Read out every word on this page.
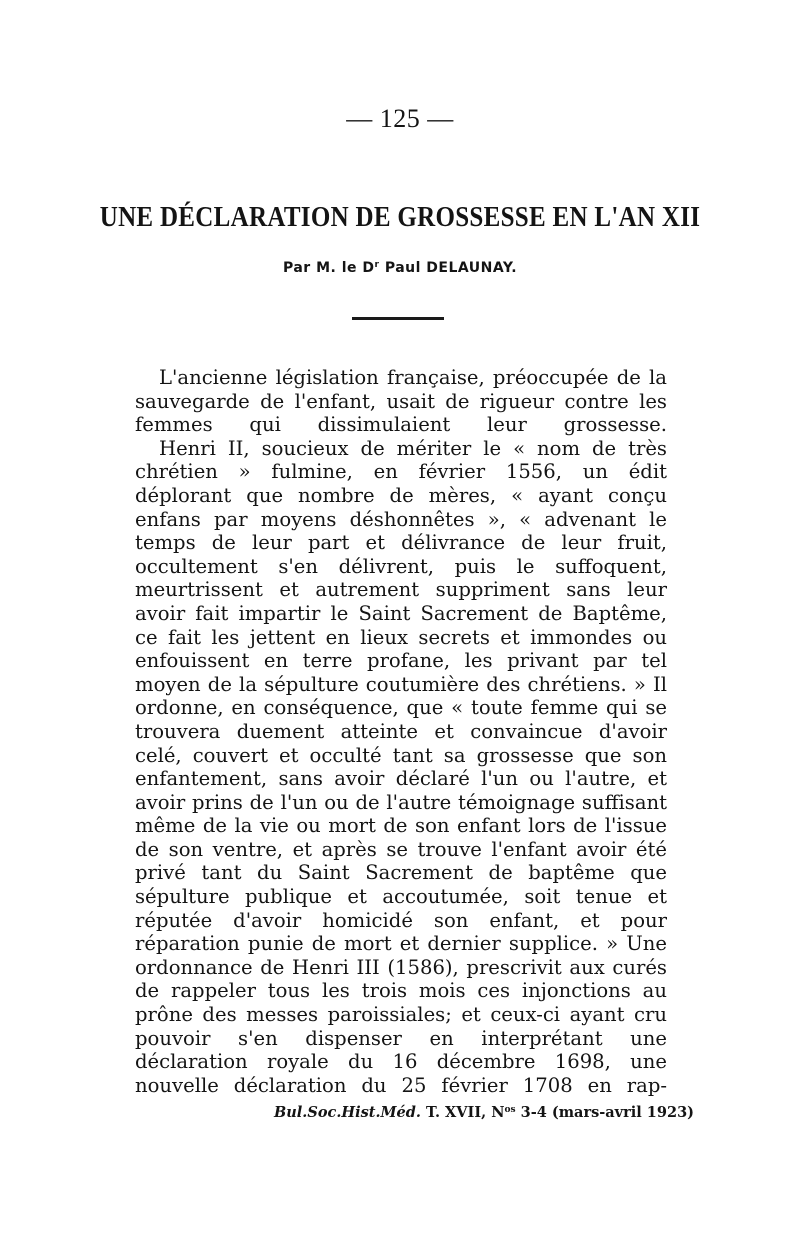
— 125 —
UNE DÉCLARATION DE GROSSESSE EN L'AN XII
Par M. le $D^r$ Paul DELAUNAY.

L'ancienne législation française, préoccupée de la sauvegarde de l'enfant, usait de rigueur contre les femmes qui dissimulaient leur grossesse.

Henri II, soucieux de mériter le « nom de très chrétien » fulmine, en février 1556, un édit déplorant que nombre de mères, « ayant conçu enfans par moyens déshonnêtes », « advenant le temps de leur part et délivrance de leur fruit, occultement s'en délivrent, puis le suffoquent, meurtrissent et autrement suppriment sans leur avoir fait impartir le Saint Sacrement de Baptême, ce fait les jettent en lieux secrets et immondes ou enfouissent en terre profane, les privant par tel moyen de la sépulture coutumière des chrétiens. » Il ordonne, en conséquence, que « toute femme qui se trouvera duement atteinte et convaincue d'avoir celé, couvert et occulté tant sa grossesse que son enfantement, sans avoir déclaré l'un ou l'autre, et avoir prins de l'un ou de l'autre témoignage suffisant même de la vie ou mort de son enfant lors de l'issue de son ventre, et après se trouve l'enfant avoir été privé tant du Saint Sacrement de baptême que sépulture publique et accoutumée, soit tenue et réputée d'avoir homicidé son enfant, et pour réparation punie de mort et dernier supplice. » Une ordonnance de Henri III (1586), prescrivit aux curés de rappeler tous les trois mois ces injonctions au prône des messes paroissiales; et ceux-ci ayant cru pouvoir s'en dispenser en interprétant une déclaration royale du 16 décembre 1698, une nouvelle déclaration du 25 février 1708 en rap-

Bul.Soc.Hist.Méd. T. XVII, $N^{os}$ 3-4 (mars-avril 1923)
